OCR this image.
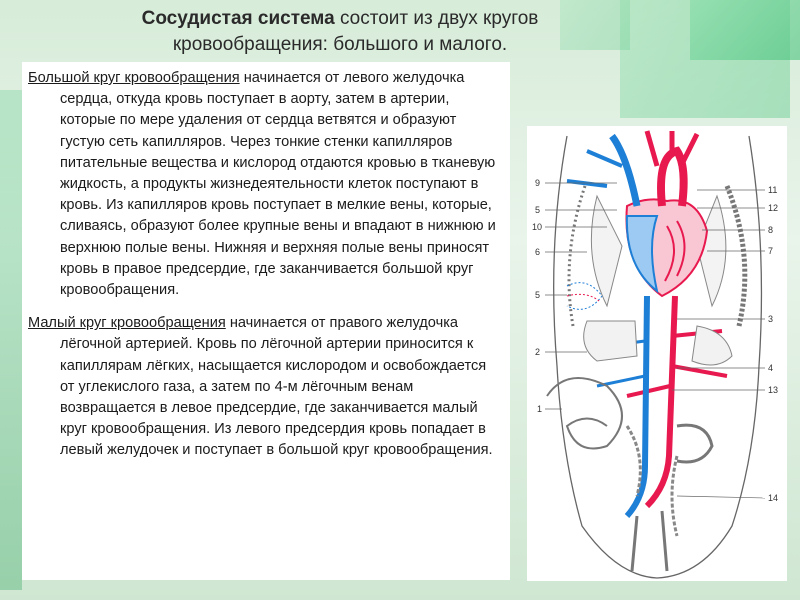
Сосудистая система состоит из двух кругов кровообращения: большого и малого.

Большой круг кровообращения начинается от левого желудочка сердца, откуда кровь поступает в аорту, затем в артерии, которые по мере удаления от сердца ветвятся и образуют густую сеть капилляров. Через тонкие стенки капилляров питательные вещества и кислород отдаются кровью в тканевую жидкость, а продукты жизнедеятельности клеток поступают в кровь. Из капилляров кровь поступает в мелкие вены, которые, сливаясь, образуют более крупные вены и впадают в нижнюю и верхнюю полые вены. Нижняя и верхняя полые вены приносят кровь в правое предсердие, где заканчивается большой круг кровообращения.

Малый круг кровообращения начинается от правого желудочка лёгочной артерией. Кровь по лёгочной артерии приносится к капиллярам лёгких, насыщается кислородом и освобождается от углекислого газа, а затем по 4-м лёгочным венам возвращается в левое предсердие, где заканчивается малый круг кровообращения. Из левого предсердия кровь попадает в левый желудочек и поступает в большой круг кровообращения.

9
5
10
6
5
2
1
11
12
8
7
3
4
13
14
